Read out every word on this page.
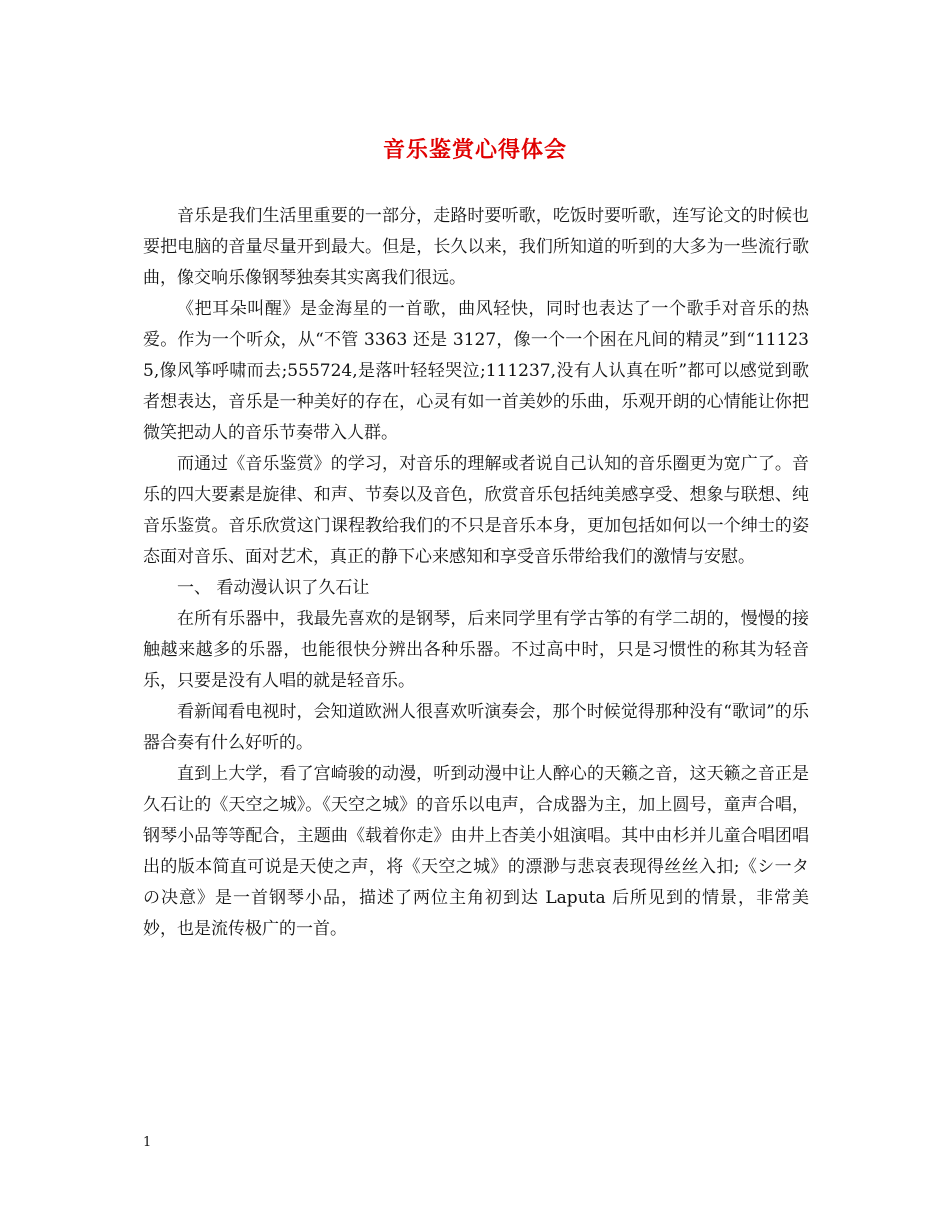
音乐鉴赏心得体会

音乐是我们生活里重要的一部分，走路时要听歌，吃饭时要听歌，连写论文的时候也要把电脑的音量尽量开到最大。但是，长久以来，我们所知道的听到的大多为一些流行歌曲，像交响乐像钢琴独奏其实离我们很远。

《把耳朵叫醒》是金海星的一首歌，曲风轻快，同时也表达了一个歌手对音乐的热爱。作为一个听众，从“不管 3363 还是 3127，像一个一个困在凡间的精灵”到“111235,像风筝呼啸而去;555724,是落叶轻轻哭泣;111237,没有人认真在听”都可以感觉到歌者想表达，音乐是一种美好的存在，心灵有如一首美妙的乐曲，乐观开朗的心情能让你把微笑把动人的音乐节奏带入人群。

而通过《音乐鉴赏》的学习，对音乐的理解或者说自己认知的音乐圈更为宽广了。音乐的四大要素是旋律、和声、节奏以及音色，欣赏音乐包括纯美感享受、想象与联想、纯音乐鉴赏。音乐欣赏这门课程教给我们的不只是音乐本身，更加包括如何以一个绅士的姿态面对音乐、面对艺术，真正的静下心来感知和享受音乐带给我们的激情与安慰。

一、 看动漫认识了久石让

在所有乐器中，我最先喜欢的是钢琴，后来同学里有学古筝的有学二胡的，慢慢的接触越来越多的乐器，也能很快分辨出各种乐器。不过高中时，只是习惯性的称其为轻音乐，只要是没有人唱的就是轻音乐。

看新闻看电视时，会知道欧洲人很喜欢听演奏会，那个时候觉得那种没有“歌词”的乐器合奏有什么好听的。

直到上大学，看了宫崎骏的动漫，听到动漫中让人醉心的天籁之音，这天籁之音正是久石让的《天空之城》。《天空之城》的音乐以电声，合成器为主，加上圆号，童声合唱，钢琴小品等等配合，主题曲《载着你走》由井上杏美小姐演唱。其中由杉并儿童合唱团唱出的版本简直可说是天使之声，将《天空之城》的漂渺与悲哀表现得丝丝入扣;《シ一タの决意》是一首钢琴小品，描述了两位主角初到达 Laputa 后所见到的情景，非常美妙，也是流传极广的一首。

1
